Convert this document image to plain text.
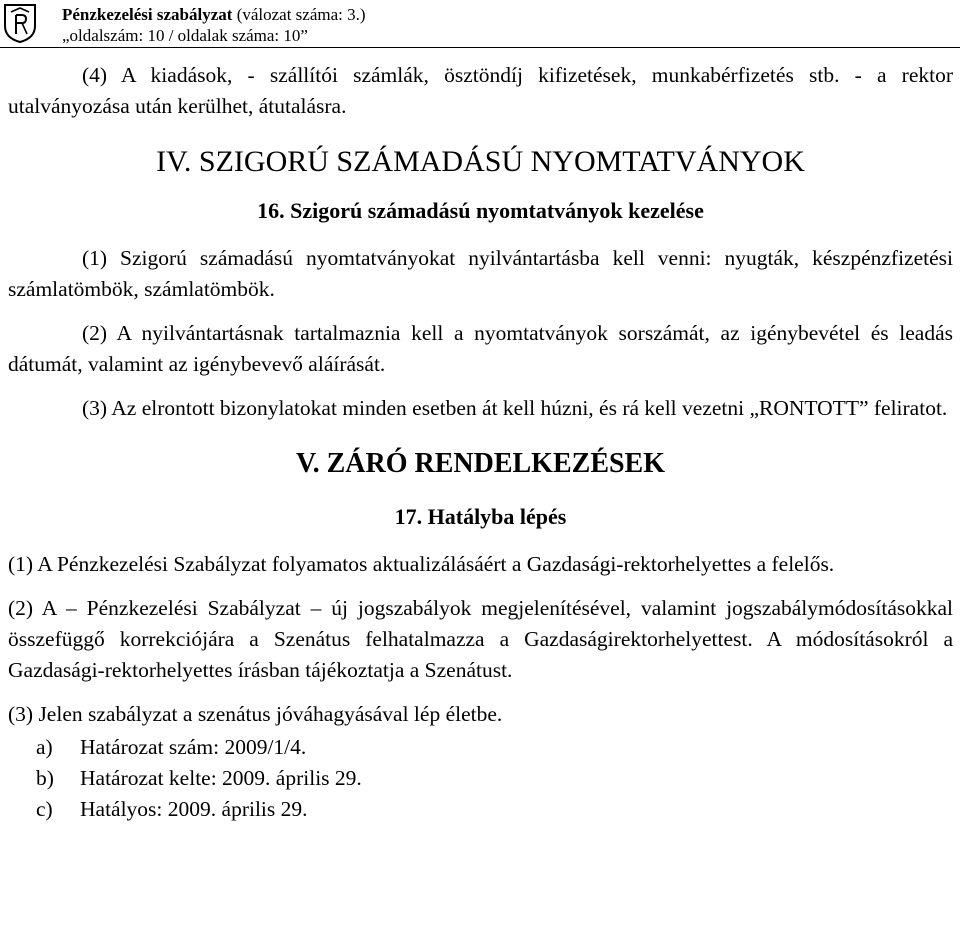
Pénzkezelési szabályzat (válozat száma: 3.)
„oldalszám: 10 / oldalak száma: 10”

(4) A kiadások, - szállítói számlák, ösztöndíj kifizetések, munkabérfizetés stb. - a rektor utalványozása után kerülhet, átutalásra.

IV. SZIGORÚ SZÁMADÁSÚ NYOMTATVÁNYOK
16. Szigorú számadású nyomtatványok kezelése

(1) Szigorú számadású nyomtatványokat nyilvántartásba kell venni: nyugták, készpénzfizetési számlatömbök, számlatömbök.

(2) A nyilvántartásnak tartalmaznia kell a nyomtatványok sorszámát, az igénybevétel és leadás dátumát, valamint az igénybevevő aláírását.

(3) Az elrontott bizonylatokat minden esetben át kell húzni, és rá kell vezetni „RONTOTT” feliratot.

V. ZÁRÓ RENDELKEZÉSEK
17. Hatályba lépés

(1) A Pénzkezelési Szabályzat folyamatos aktualizálásáért a Gazdasági-rektorhelyettes a felelős.

(2) A – Pénzkezelési Szabályzat – új jogszabályok megjelenítésével, valamint jogszabálymódosításokkal összefüggő korrekciójára a Szenátus felhatalmazza a Gazdaságirektorhelyettest. A módosításokról a Gazdasági-rektorhelyettes írásban tájékoztatja a Szenátust.

(3) Jelen szabályzat a szenátus jóváhagyásával lép életbe.

a) Határozat szám: 2009/1/4.
b) Határozat kelte: 2009. április 29.
c) Hatályos: 2009. április 29.
